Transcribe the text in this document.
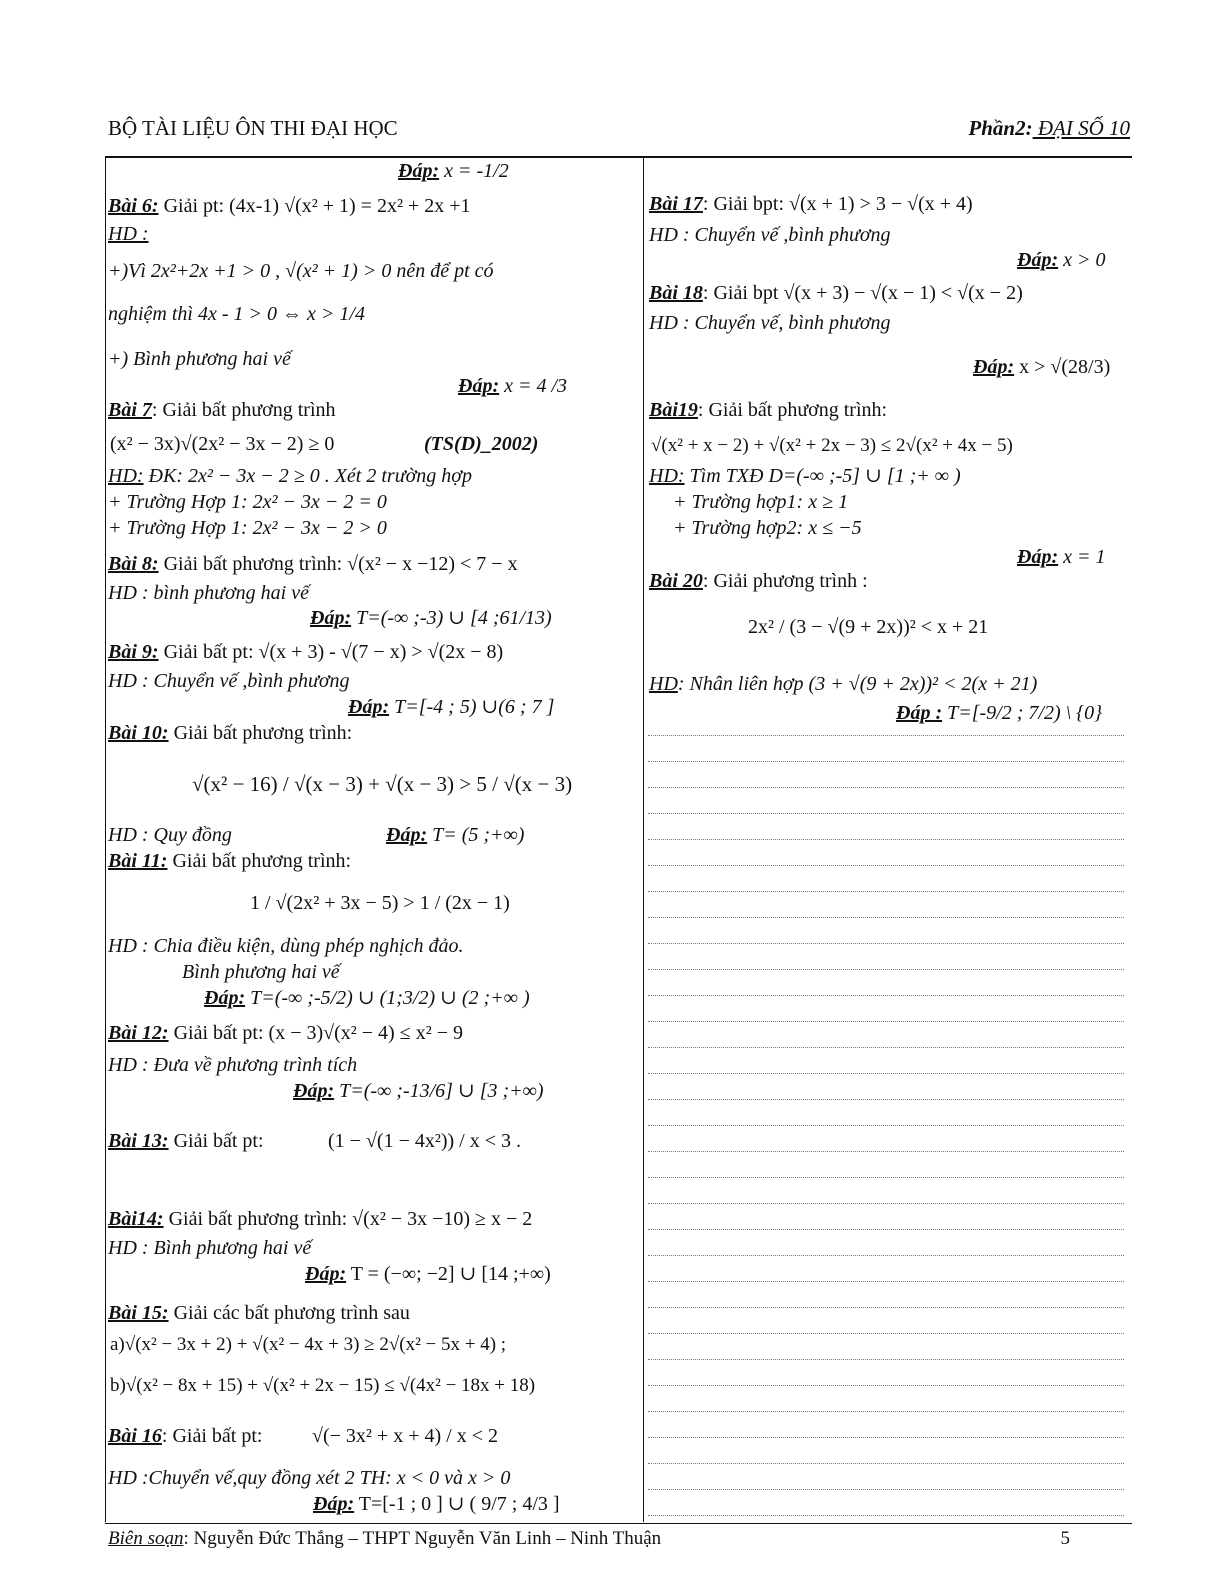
BỘ TÀI LIỆU ÔN THI ĐẠI HỌC	Phần2: ĐẠI SỐ 10
Đáp: x = -1/2
Bài 6: Giải pt: (4x-1) √(x² + 1) = 2x² + 2x +1
HD :
+)Vì 2x²+2x +1 > 0 , √(x² + 1) > 0 nên để pt có
nghiệm thì 4x - 1 > 0 ⇔ x > 1/4
+) Bình phương hai vế
Đáp: x = 4 /3
Bài 7: Giải bất phương trình
(x² − 3x)√(2x² − 3x − 2) ≥ 0	(TS(D)_2002)
HD: ĐK: 2x² − 3x − 2 ≥ 0 . Xét 2 trường hợp
+ Trường Hợp 1: 2x² − 3x − 2 = 0
+ Trường Hợp 1: 2x² − 3x − 2 > 0
Bài 8: Giải bất phương trình: √(x² − x −12) < 7 − x
HD : bình phương hai vế
Đáp: T=(-∞ ;-3) ∪ [4 ;61/13)
Bài 9: Giải bất pt: √(x + 3) - √(7 − x) > √(2x − 8)
HD : Chuyển vế ,bình phương
Đáp: T=[-4 ; 5) ∪(6 ; 7 ]
Bài 10: Giải bất phương trình:
√(x² − 16) / √(x − 3) + √(x − 3) > 5 / √(x − 3)
HD : Quy đồng	Đáp: T= (5 ;+∞)
Bài 11: Giải bất phương trình:
1 / √(2x² + 3x − 5) > 1 / (2x − 1)
HD : Chia điều kiện, dùng phép nghịch đảo.
Bình phương hai vế
Đáp: T=(-∞ ;-5/2) ∪ (1;3/2) ∪ (2 ;+∞ )
Bài 12: Giải bất pt: (x − 3)√(x² − 4) ≤ x² − 9
HD : Đưa về phương trình tích
Đáp: T=(-∞ ;-13/6] ∪ [3 ;+∞)
Bài 13: Giải bất pt:	(1 − √(1 − 4x²)) / x < 3 .
Bài14: Giải bất phương trình: √(x² − 3x −10) ≥ x − 2
HD : Bình phương hai vế
Đáp: T = (−∞; −2] ∪ [14 ;+∞)
Bài 15: Giải các bất phương trình sau
a)√(x² − 3x + 2) + √(x² − 4x + 3) ≥ 2√(x² − 5x + 4) ;
b)√(x² − 8x + 15) + √(x² + 2x − 15) ≤ √(4x² − 18x + 18)
Bài 16: Giải bất pt: √(− 3x² + x + 4) / x < 2
HD :Chuyển vế,quy đồng xét 2 TH: x < 0 và x > 0
Đáp: T=[-1 ; 0 ] ∪ ( 9/7 ; 4/3 ]
Bài 17: Giải bpt: √(x + 1) > 3 − √(x + 4)
HD : Chuyển vế ,bình phương
Đáp: x > 0
Bài 18: Giải bpt √(x + 3) − √(x − 1) < √(x − 2)
HD : Chuyển vế, bình phương
Đáp: x > √(28/3)
Bài19: Giải bất phương trình:
√(x² + x − 2) + √(x² + 2x − 3) ≤ 2√(x² + 4x − 5)
HD: Tìm TXĐ D=(-∞ ;-5] ∪ [1 ;+ ∞ )
+ Trường hợp1: x ≥ 1
+ Trường hợp2: x ≤ −5
Đáp: x = 1
Bài 20: Giải phương trình :
2x² / (3 − √(9 + 2x))² < x + 21
HD: Nhân liên hợp (3 + √(9 + 2x))² < 2(x + 21)
Đáp : T=[-9/2 ; 7/2) \ {0}
Biên soạn: Nguyễn Đức Thắng – THPT Nguyễn Văn Linh – Ninh Thuận	5
